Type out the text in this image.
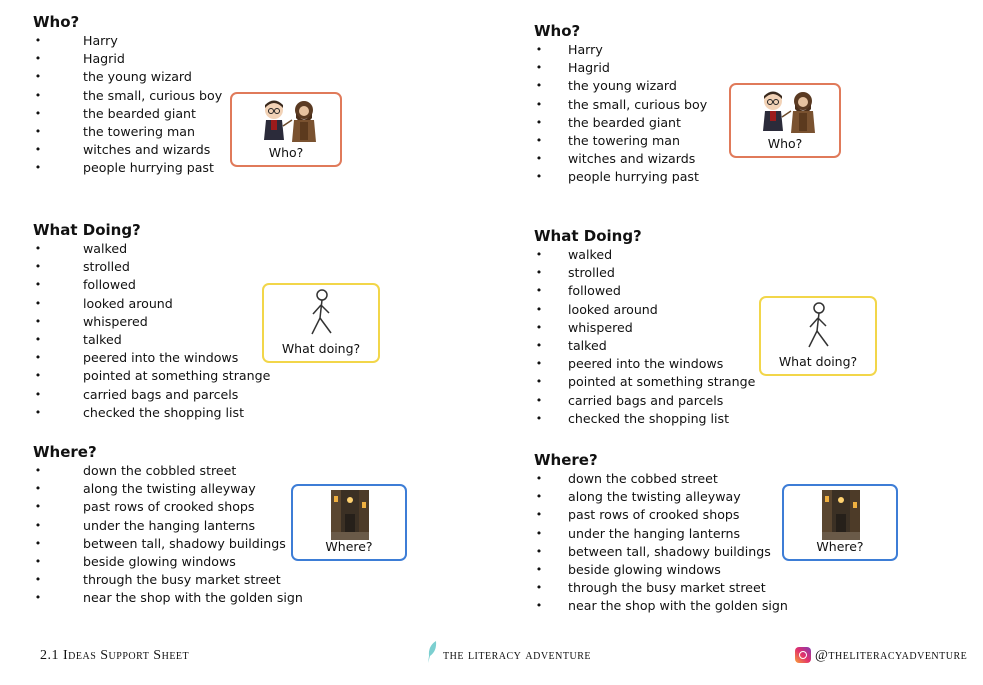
Who?
•	Harry
•	Hagrid
•	the young wizard
•	the small, curious boy
•	the bearded giant
•	the towering man
•	witches and wizards
•	people hurrying past
Who?
What Doing?
•	walked
•	strolled
•	followed
•	looked around
•	whispered
•	talked
•	peered into the windows
•	pointed at something strange
•	carried bags and parcels
•	checked the shopping list
What doing?
Where?
•	down the cobbled street
•	along the twisting alleyway
•	past rows of crooked shops
•	under the hanging lanterns
•	between tall, shadowy buildings
•	beside glowing windows
•	through the busy market street
•	near the shop with the golden sign
Where?
Who?
• Harry
• Hagrid
• the young wizard
• the small, curious boy
• the bearded giant
• the towering man
• witches and wizards
• people hurrying past
Who?
What Doing?
• walked
• strolled
• followed
• looked around
• whispered
• talked
• peered into the windows
• pointed at something strange
• carried bags and parcels
• checked the shopping list
What doing?
Where?
• down the cobbed street
• along the twisting alleyway
• past rows of crooked shops
• under the hanging lanterns
• between tall, shadowy buildings
• beside glowing windows
• through the busy market street
• near the shop with the golden sign
Where?
2.1 Ideas Support Sheet	the literacy adventure	@theliteracyadventure
